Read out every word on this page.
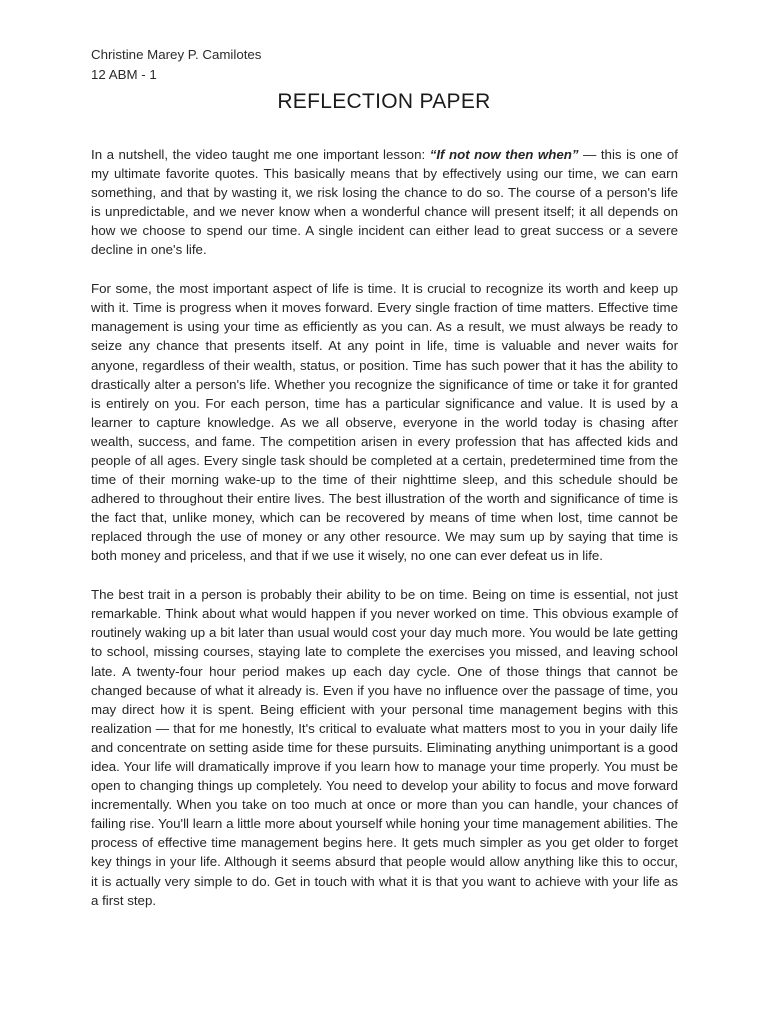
Christine Marey P. Camilotes
12 ABM - 1
REFLECTION PAPER

In a nutshell, the video taught me one important lesson: “If not now then when” — this is one of my ultimate favorite quotes. This basically means that by effectively using our time, we can earn something, and that by wasting it, we risk losing the chance to do so. The course of a person's life is unpredictable, and we never know when a wonderful chance will present itself; it all depends on how we choose to spend our time. A single incident can either lead to great success or a severe decline in one's life.

For some, the most important aspect of life is time. It is crucial to recognize its worth and keep up with it. Time is progress when it moves forward. Every single fraction of time matters. Effective time management is using your time as efficiently as you can. As a result, we must always be ready to seize any chance that presents itself. At any point in life, time is valuable and never waits for anyone, regardless of their wealth, status, or position. Time has such power that it has the ability to drastically alter a person's life. Whether you recognize the significance of time or take it for granted is entirely on you. For each person, time has a particular significance and value. It is used by a learner to capture knowledge. As we all observe, everyone in the world today is chasing after wealth, success, and fame. The competition arisen in every profession that has affected kids and people of all ages. Every single task should be completed at a certain, predetermined time from the time of their morning wake-up to the time of their nighttime sleep, and this schedule should be adhered to throughout their entire lives. The best illustration of the worth and significance of time is the fact that, unlike money, which can be recovered by means of time when lost, time cannot be replaced through the use of money or any other resource. We may sum up by saying that time is both money and priceless, and that if we use it wisely, no one can ever defeat us in life.

The best trait in a person is probably their ability to be on time. Being on time is essential, not just remarkable. Think about what would happen if you never worked on time. This obvious example of routinely waking up a bit later than usual would cost your day much more. You would be late getting to school, missing courses, staying late to complete the exercises you missed, and leaving school late. A twenty-four hour period makes up each day cycle. One of those things that cannot be changed because of what it already is. Even if you have no influence over the passage of time, you may direct how it is spent. Being efficient with your personal time management begins with this realization — that for me honestly, It's critical to evaluate what matters most to you in your daily life and concentrate on setting aside time for these pursuits. Eliminating anything unimportant is a good idea. Your life will dramatically improve if you learn how to manage your time properly. You must be open to changing things up completely. You need to develop your ability to focus and move forward incrementally. When you take on too much at once or more than you can handle, your chances of failing rise. You'll learn a little more about yourself while honing your time management abilities. The process of effective time management begins here. It gets much simpler as you get older to forget key things in your life. Although it seems absurd that people would allow anything like this to occur, it is actually very simple to do. Get in touch with what it is that you want to achieve with your life as a first step.
